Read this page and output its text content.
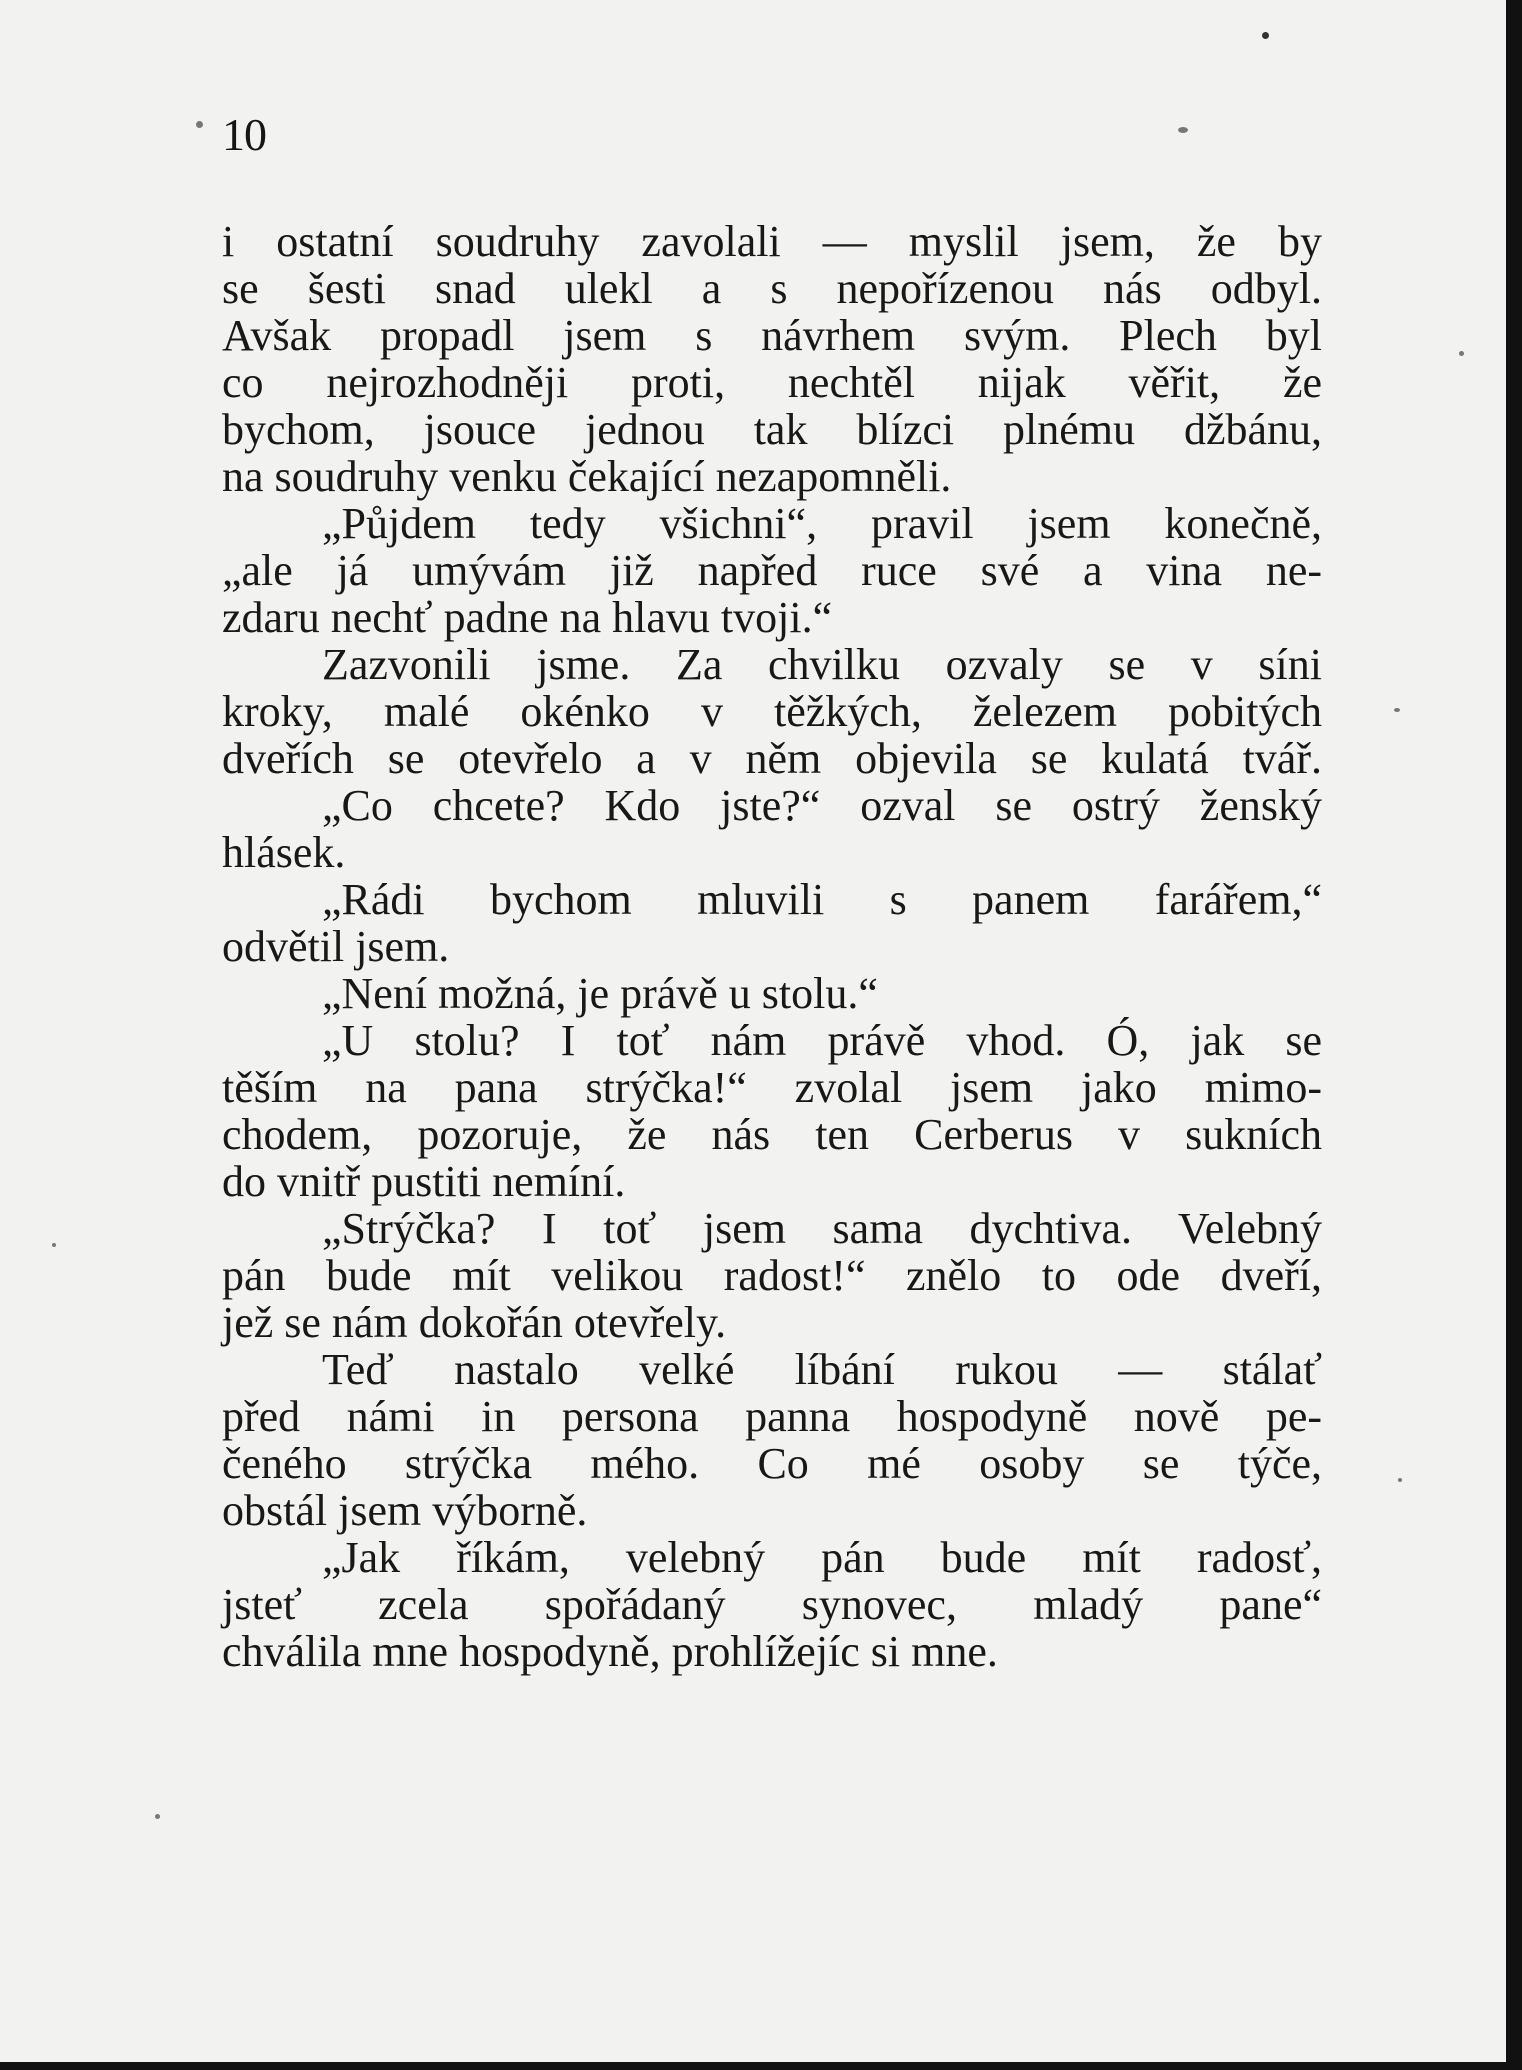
10
i ostatní soudruhy zavolali — myslil jsem, že by
se šesti snad ulekl a s nepořízenou nás odbyl.
Avšak propadl jsem s návrhem svým. Plech byl
co nejrozhodněji proti, nechtěl nijak věřit, že
bychom, jsouce jednou tak blízci plnému džbánu,
na soudruhy venku čekající nezapomněli.
„Půjdem tedy všichni“, pravil jsem konečně,
„ale já umývám již napřed ruce své a vina ne-
zdaru nechť padne na hlavu tvoji.“
Zazvonili jsme. Za chvilku ozvaly se v síni
kroky, malé okénko v těžkých, železem pobitých
dveřích se otevřelo a v něm objevila se kulatá tvář.
„Co chcete? Kdo jste?“ ozval se ostrý ženský
hlásek.
„Rádi bychom mluvili s panem farářem,“
odvětil jsem.
„Není možná, je právě u stolu.“
„U stolu? I toť nám právě vhod. Ó, jak se
těším na pana strýčka!“ zvolal jsem jako mimo-
chodem, pozoruje, že nás ten Cerberus v sukních
do vnitř pustiti nemíní.
„Strýčka? I toť jsem sama dychtiva. Velebný
pán bude mít velikou radost!“ znělo to ode dveří,
jež se nám dokořán otevřely.
Teď nastalo velké líbání rukou — stálať
před námi in persona panna hospodyně nově pe-
čeného strýčka mého. Co mé osoby se týče,
obstál jsem výborně.
„Jak říkám, velebný pán bude mít radosť,
jsteť zcela spořádaný synovec, mladý pane“
chválila mne hospodyně, prohlížejíc si mne.
